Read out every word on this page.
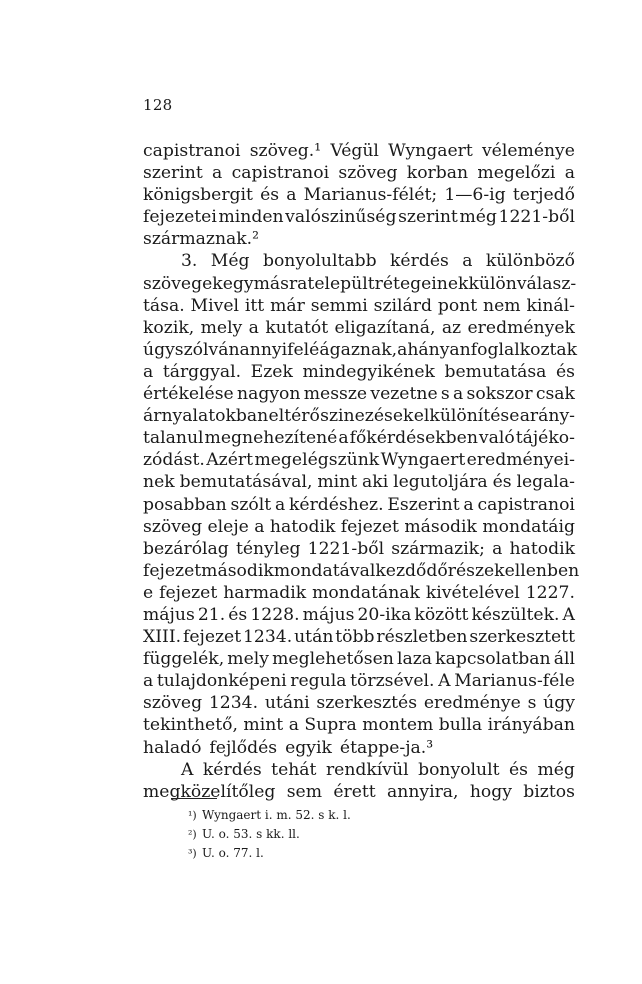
128
capistranoi szöveg.¹ Végül Wyngaert véleménye
szerint a capistranoi szöveg korban megelőzi a
königsbergit és a Marianus-félét; 1—6-ig terjedő
fejezetei minden valószinűség szerint még 1221-ből
származnak.²
3. Még bonyolultabb kérdés a különböző
szövegek egymásra települt rétegeinek különválasz-
tása. Mivel itt már semmi szilárd pont nem kinál-
kozik, mely a kutatót eligazítaná, az eredmények
úgyszólván annyifelé ágaznak, ahányan foglalkoztak
a tárggyal. Ezek mindegyikének bemutatása és
értékelése nagyon messze vezetne s a sokszor csak
árnyalatokban eltérő szinezések elkülönítése arány-
talanul megnehezítené a főkérdésekben való tájéko-
zódást. Azért megelégszünk Wyngaert eredményei-
nek bemutatásával, mint aki legutoljára és legala-
posabban szólt a kérdéshez. Eszerint a capistranoi
szöveg eleje a hatodik fejezet második mondatáig
bezárólag tényleg 1221-ből származik; a hatodik
fejezet második mondatával kezdődő részek ellenben
e fejezet harmadik mondatának kivételével 1227.
május 21. és 1228. május 20-ika között készültek. A
XIII. fejezet 1234. után több részletben szerkesztett
függelék, mely meglehetősen laza kapcsolatban áll
a tulajdonképeni regula törzsével. A Marianus-féle
szöveg 1234. utáni szerkesztés eredménye s úgy
tekinthető, mint a Supra montem bulla irányában
haladó fejlődés egyik étappe-ja.³
A kérdés tehát rendkívül bonyolult és még
megközelítőleg sem érett annyira, hogy biztos
¹) Wyngaert i. m. 52. s k. l.
²) U. o. 53. s kk. ll.
³) U. o. 77. l.
